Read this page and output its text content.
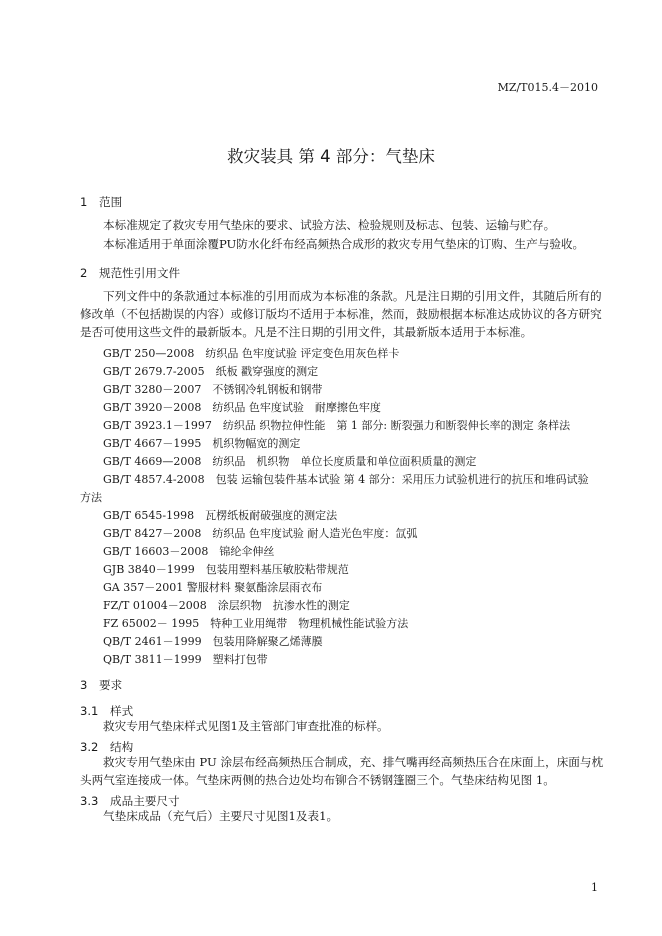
MZ/T015.4－2010
救灾装具 第 4 部分：气垫床
1　范围
本标准规定了救灾专用气垫床的要求、试验方法、检验规则及标志、包装、运输与贮存。
本标准适用于单面涂覆PU防水化纤布经高频热合成形的救灾专用气垫床的订购、生产与验收。
2　规范性引用文件
下列文件中的条款通过本标准的引用而成为本标准的条款。凡是注日期的引用文件，其随后所有的
修改单（不包括勘误的内容）或修订版均不适用于本标准，然而，鼓励根据本标准达成协议的各方研究
是否可使用这些文件的最新版本。凡是不注日期的引用文件，其最新版本适用于本标准。
GB/T 250—2008　纺织品 色牢度试验 评定变色用灰色样卡
GB/T 2679.7-2005　纸板 戳穿强度的测定
GB/T 3280－2007　不锈钢冷轧钢板和钢带
GB/T 3920－2008　纺织品 色牢度试验　耐摩擦色牢度
GB/T 3923.1－1997　纺织品 织物拉伸性能　第 1 部分: 断裂强力和断裂伸长率的测定 条样法
GB/T 4667－1995　机织物幅宽的测定
GB/T 4669—2008　纺织品　机织物　单位长度质量和单位面积质量的测定
GB/T 4857.4-2008　包装 运输包装件基本试验 第 4 部分：采用压力试验机进行的抗压和堆码试验
方法
GB/T 6545-1998　瓦楞纸板耐破强度的测定法
GB/T 8427－2008　纺织品 色牢度试验 耐人造光色牢度：氙弧
GB/T 16603－2008　锦纶伞伸丝
GJB 3840－1999　包装用塑料基压敏胶粘带规范
GA 357－2001 警服材料 聚氨酯涂层雨衣布
FZ/T 01004－2008　涂层织物　抗渗水性的测定
FZ 65002－ 1995　特种工业用绳带　物理机械性能试验方法
QB/T 2461－1999　包装用降解聚乙烯薄膜
QB/T 3811－1999　塑料打包带
3　要求
3.1　样式
救灾专用气垫床样式见图1及主管部门审查批准的标样。
3.2　结构
救灾专用气垫床由 PU 涂层布经高频热压合制成，充、排气嘴再经高频热压合在床面上，床面与枕
头两气室连接成一体。气垫床两侧的热合边处均布铆合不锈钢篷圈三个。气垫床结构见图 1。
3.3　成品主要尺寸
气垫床成品（充气后）主要尺寸见图1及表1。
1
